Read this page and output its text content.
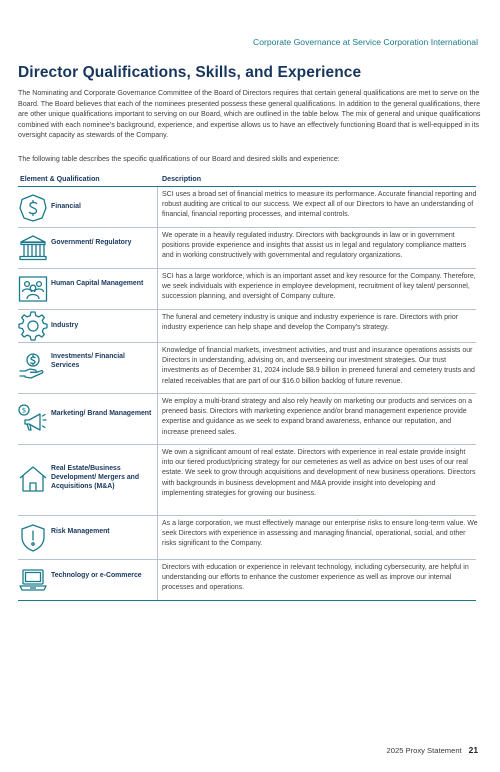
Corporate Governance at Service Corporation International
Director Qualifications, Skills, and Experience

The Nominating and Corporate Governance Committee of the Board of Directors requires that certain general qualifications are met to serve on the Board. The Board believes that each of the nominees presented possess these general qualifications. In addition to the general qualifications, there are other unique qualifications important to serving on our Board, which are outlined in the table below. The mix of general and unique qualifications combined with each nominee's background, experience, and expertise allows us to have an effectively functioning Board that is well-equipped in its oversight capacity as stewards of the Company.

The following table describes the specific qualifications of our Board and desired skills and experience:

Element & Qualification	Description
Financial
SCI uses a broad set of financial metrics to measure its performance. Accurate financial reporting and robust auditing are critical to our success. We expect all of our Directors to have an understanding of financial, financial reporting processes, and internal controls.
Government/ Regulatory
We operate in a heavily regulated industry. Directors with backgrounds in law or in government positions provide experience and insights that assist us in legal and regulatory compliance matters and in working constructively with governmental and regulatory organizations.
Human Capital Management
SCI has a large workforce, which is an important asset and key resource for the Company. Therefore, we seek individuals with experience in employee development, recruitment of key talent/ personnel, succession planning, and oversight of Company culture.
Industry
The funeral and cemetery industry is unique and industry experience is rare. Directors with prior industry experience can help shape and develop the Company's strategy.
Investments/ Financial Services
Knowledge of financial markets, investment activities, and trust and insurance operations assists our Directors in understanding, advising on, and overseeing our investment strategies. Our trust investments as of December 31, 2024 include $8.9 billion in preneed funeral and cemetery trusts and related receivables that are part of our $16.0 billion backlog of future revenue.
$	Marketing/ Brand Management
We employ a multi-brand strategy and also rely heavily on marketing our products and services on a preneed basis. Directors with marketing experience and/or brand management experience provide expertise and guidance as we seek to expand brand awareness, enhance our reputation, and increase preneed sales.
Real Estate/Business Development/ Mergers and Acquisitions (M&A)
We own a significant amount of real estate. Directors with experience in real estate provide insight into our tiered product/pricing strategy for our cemeteries as well as advice on best uses of our real estate. We seek to grow through acquisitions and development of new business operations. Directors with backgrounds in business development and M&A provide insight into developing and implementing strategies for growing our business.
Risk Management
As a large corporation, we must effectively manage our enterprise risks to ensure long-term value. We seek Directors with experience in assessing and managing financial, operational, social, and other risks significant to the Company.
Technology or e-Commerce
Directors with education or experience in relevant technology, including cybersecurity, are helpful in understanding our efforts to enhance the customer experience as well as improve our internal processes and operations.
2025 Proxy Statement 21
